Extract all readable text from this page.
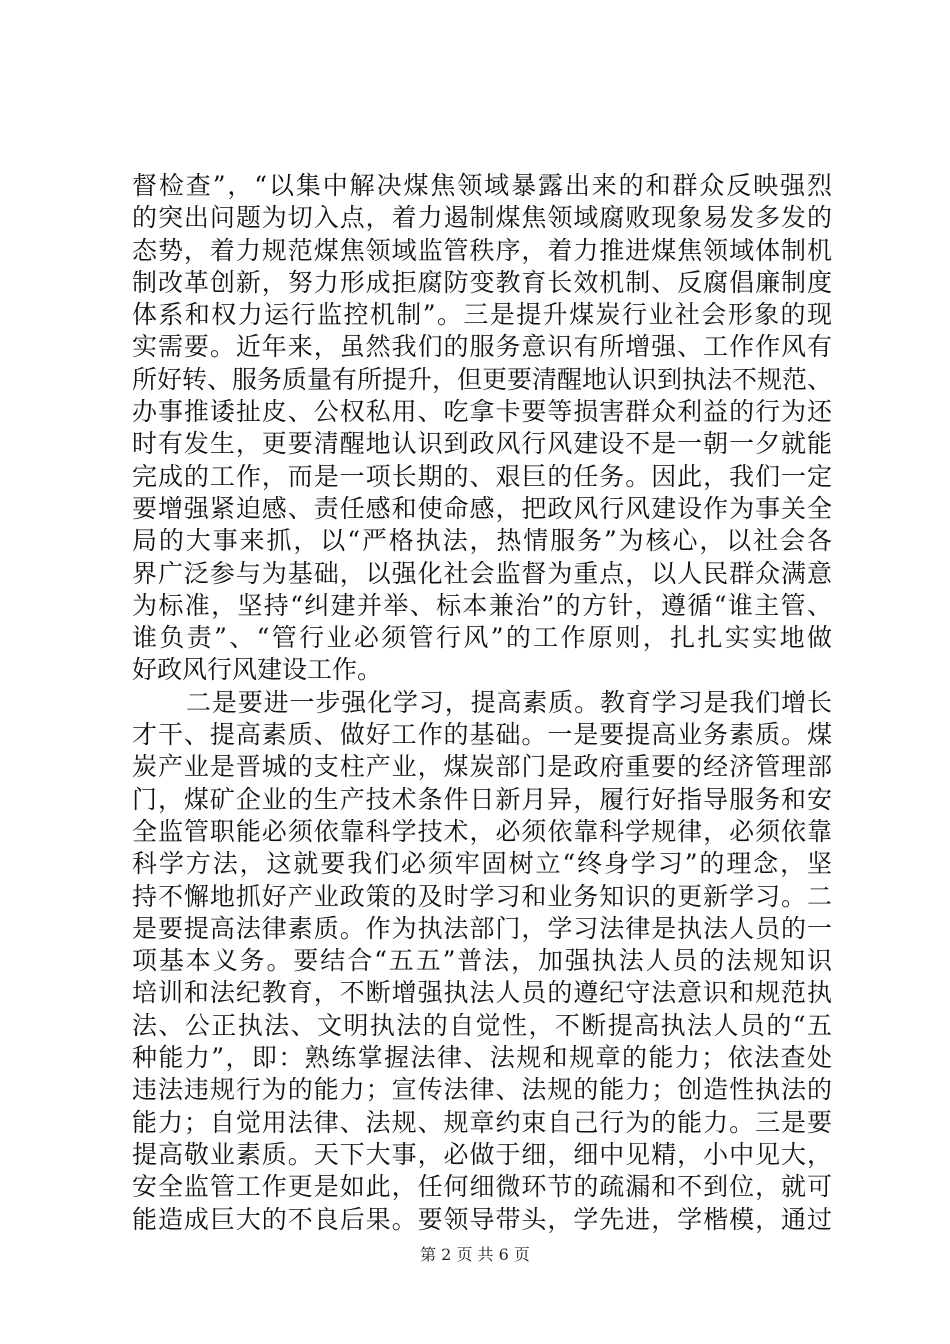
督检查”，“以集中解决煤焦领域暴露出来的和群众反映强烈
的突出问题为切入点，着力遏制煤焦领域腐败现象易发多发的
态势，着力规范煤焦领域监管秩序，着力推进煤焦领域体制机
制改革创新，努力形成拒腐防变教育长效机制、反腐倡廉制度
体系和权力运行监控机制”。三是提升煤炭行业社会形象的现
实需要。近年来，虽然我们的服务意识有所增强、工作作风有
所好转、服务质量有所提升，但更要清醒地认识到执法不规范、
办事推诿扯皮、公权私用、吃拿卡要等损害群众利益的行为还
时有发生，更要清醒地认识到政风行风建设不是一朝一夕就能
完成的工作，而是一项长期的、艰巨的任务。因此，我们一定
要增强紧迫感、责任感和使命感，把政风行风建设作为事关全
局的大事来抓，以“严格执法，热情服务”为核心，以社会各
界广泛参与为基础，以强化社会监督为重点，以人民群众满意
为标准，坚持“纠建并举、标本兼治”的方针，遵循“谁主管、
谁负责”、“管行业必须管行风”的工作原则，扎扎实实地做
好政风行风建设工作。
二是要进一步强化学习，提高素质。教育学习是我们增长
才干、提高素质、做好工作的基础。一是要提高业务素质。煤
炭产业是晋城的支柱产业，煤炭部门是政府重要的经济管理部
门，煤矿企业的生产技术条件日新月异，履行好指导服务和安
全监管职能必须依靠科学技术，必须依靠科学规律，必须依靠
科学方法，这就要我们必须牢固树立“终身学习”的理念，坚
持不懈地抓好产业政策的及时学习和业务知识的更新学习。二
是要提高法律素质。作为执法部门，学习法律是执法人员的一
项基本义务。要结合“五五”普法，加强执法人员的法规知识
培训和法纪教育，不断增强执法人员的遵纪守法意识和规范执
法、公正执法、文明执法的自觉性，不断提高执法人员的“五
种能力”，即：熟练掌握法律、法规和规章的能力；依法查处
违法违规行为的能力；宣传法律、法规的能力；创造性执法的
能力；自觉用法律、法规、规章约束自己行为的能力。三是要
提高敬业素质。天下大事，必做于细，细中见精，小中见大，
安全监管工作更是如此，任何细微环节的疏漏和不到位，就可
能造成巨大的不良后果。要领导带头，学先进，学楷模，通过
第 2 页 共 6 页
